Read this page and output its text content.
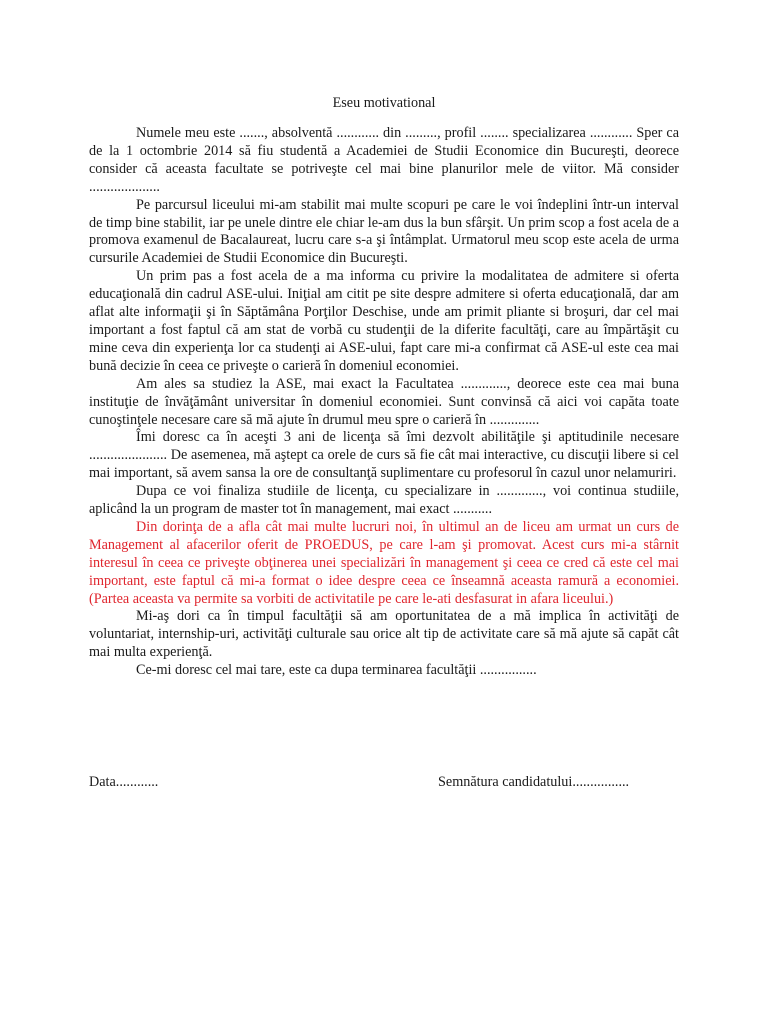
Eseu motivational

Numele meu este ......., absolventă ............ din ........., profil ........ specializarea ............ Sper ca de la 1 octombrie 2014 să fiu studentă a Academiei de Studii Economice din Bucureşti, deorece consider că aceasta facultate se potriveşte cel mai bine planurilor mele de viitor. Mă consider ....................

Pe parcursul liceului mi-am stabilit mai multe scopuri pe care le voi îndeplini într-un interval de timp bine stabilit, iar pe unele dintre ele chiar le-am dus la bun sfârşit. Un prim scop a fost acela de a promova examenul de Bacalaureat, lucru care s-a şi întâmplat. Urmatorul meu scop este acela de urma cursurile Academiei de Studii Economice din Bucureşti.

Un prim pas a fost acela de a ma informa cu privire la modalitatea de admitere si oferta educaţională din cadrul ASE-ului. Iniţial am citit pe site despre admitere si oferta educaţională, dar am aflat alte informaţii şi în Săptămâna Porţilor Deschise, unde am primit pliante si broşuri, dar cel mai important a fost faptul că am stat de vorbă cu studenţii de la diferite facultăţi, care au împărtăşit cu mine ceva din experienţa lor ca studenţi ai ASE-ului, fapt care mi-a confirmat că ASE-ul este cea mai bună decizie în ceea ce priveşte o carieră în domeniul economiei.

Am ales sa studiez la ASE, mai exact la Facultatea ............., deorece este cea mai buna instituţie de învăţământ universitar în domeniul economiei. Sunt convinsă că aici voi capăta toate cunoştinţele necesare care să mă ajute în drumul meu spre o carieră în ..............

Îmi doresc ca în aceşti 3 ani de licenţa să îmi dezvolt abilităţile şi aptitudinile necesare ...................... De asemenea, mă aştept ca orele de curs să fie cât mai interactive, cu discuţii libere si cel mai important, să avem sansa la ore de consultanţă suplimentare cu profesorul în cazul unor nelamuriri.

Dupa ce voi finaliza studiile de licenţa, cu specializare in ............., voi continua studiile, aplicând la un program de master tot în management, mai exact ...........

Din dorinţa de a afla cât mai multe lucruri noi, în ultimul an de liceu am urmat un curs de Management al afacerilor oferit de PROEDUS, pe care l-am şi promovat. Acest curs mi-a stârnit interesul în ceea ce priveşte obţinerea unei specializări în management şi ceea ce cred că este cel mai important, este faptul că mi-a format o idee despre ceea ce înseamnă aceasta ramură a economiei. (Partea aceasta va permite sa vorbiti de activitatile pe care le-ati desfasurat in afara liceului.)

Mi-aş dori ca în timpul facultăţii să am oportunitatea de a mă implica în activităţi de voluntariat, internship-uri, activităţi culturale sau orice alt tip de activitate care să mă ajute să capăt cât mai multa experienţă.

Ce-mi doresc cel mai tare, este ca dupa terminarea facultăţii ................

Data............	Semnătura candidatului................
